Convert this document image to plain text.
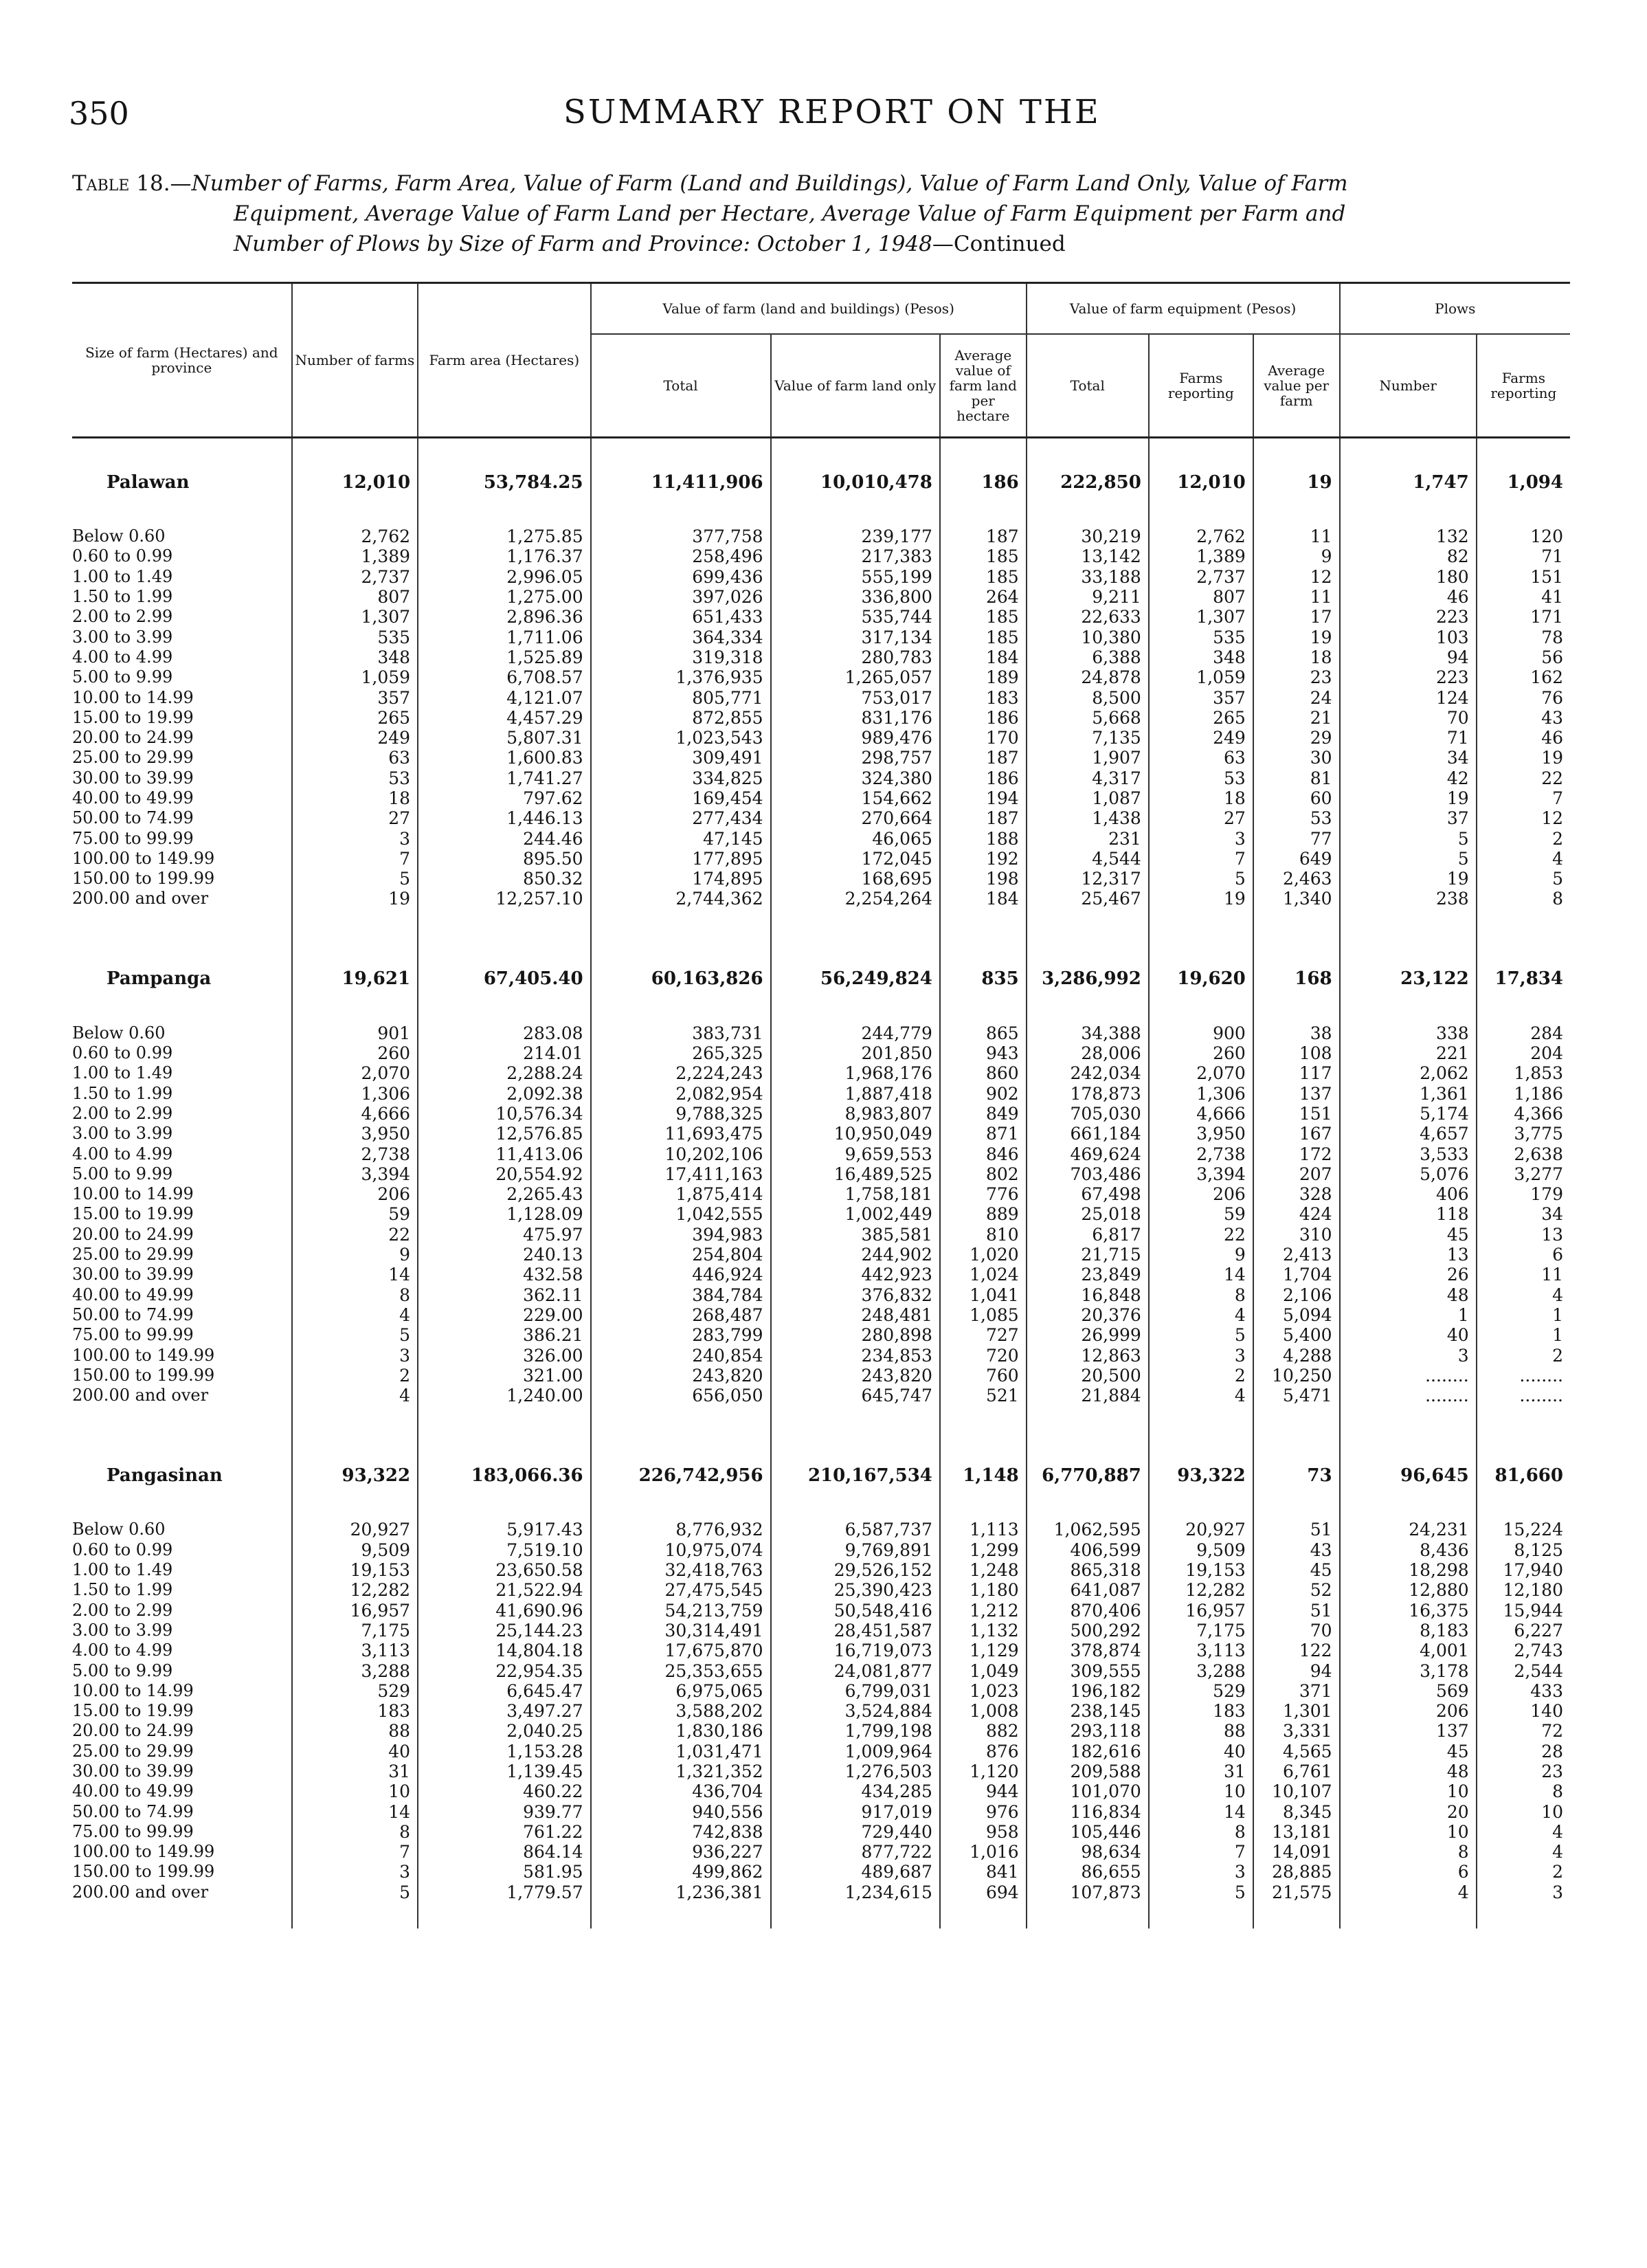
350	SUMMARY REPORT ON THE
Table 18.—Number of Farms, Farm Area, Value of Farm (Land and Buildings), Value of Farm Land Only, Value of Farm
Equipment, Average Value of Farm Land per Hectare, Average Value of Farm Equipment per Farm and
Number of Plows by Size of Farm and Province: October 1, 1948—Continued
Size of farm (Hectares) and province	Number of farms	Farm area (Hectares)	Value of farm (land and buildings) (Pesos)			Value of farm equipment (Pesos)			Plows	
			Total	Value of farm land only	Average value of farm land per hectare	Total	Farms reporting	Average value per farm	Number	Farms reporting

Palawan	12,010	53,784.25	11,411,906	10,010,478	186	222,850	12,010	19	1,747	1,094

Below 0.60	2,762	1,275.85	377,758	239,177	187	30,219	2,762	11	132	120
0.60 to 0.99	1,389	1,176.37	258,496	217,383	185	13,142	1,389	9	82	71
1.00 to 1.49	2,737	2,996.05	699,436	555,199	185	33,188	2,737	12	180	151
1.50 to 1.99	807	1,275.00	397,026	336,800	264	9,211	807	11	46	41
2.00 to 2.99	1,307	2,896.36	651,433	535,744	185	22,633	1,307	17	223	171
3.00 to 3.99	535	1,711.06	364,334	317,134	185	10,380	535	19	103	78
4.00 to 4.99	348	1,525.89	319,318	280,783	184	6,388	348	18	94	56
5.00 to 9.99	1,059	6,708.57	1,376,935	1,265,057	189	24,878	1,059	23	223	162
10.00 to 14.99	357	4,121.07	805,771	753,017	183	8,500	357	24	124	76
15.00 to 19.99	265	4,457.29	872,855	831,176	186	5,668	265	21	70	43
20.00 to 24.99	249	5,807.31	1,023,543	989,476	170	7,135	249	29	71	46
25.00 to 29.99	63	1,600.83	309,491	298,757	187	1,907	63	30	34	19
30.00 to 39.99	53	1,741.27	334,825	324,380	186	4,317	53	81	42	22
40.00 to 49.99	18	797.62	169,454	154,662	194	1,087	18	60	19	7
50.00 to 74.99	27	1,446.13	277,434	270,664	187	1,438	27	53	37	12
75.00 to 99.99	3	244.46	47,145	46,065	188	231	3	77	5	2
100.00 to 149.99	7	895.50	177,895	172,045	192	4,544	7	649	5	4
150.00 to 199.99	5	850.32	174,895	168,695	198	12,317	5	2,463	19	5
200.00 and over	19	12,257.10	2,744,362	2,254,264	184	25,467	19	1,340	238	8

Pampanga	19,621	67,405.40	60,163,826	56,249,824	835	3,286,992	19,620	168	23,122	17,834

Below 0.60	901	283.08	383,731	244,779	865	34,388	900	38	338	284
0.60 to 0.99	260	214.01	265,325	201,850	943	28,006	260	108	221	204
1.00 to 1.49	2,070	2,288.24	2,224,243	1,968,176	860	242,034	2,070	117	2,062	1,853
1.50 to 1.99	1,306	2,092.38	2,082,954	1,887,418	902	178,873	1,306	137	1,361	1,186
2.00 to 2.99	4,666	10,576.34	9,788,325	8,983,807	849	705,030	4,666	151	5,174	4,366
3.00 to 3.99	3,950	12,576.85	11,693,475	10,950,049	871	661,184	3,950	167	4,657	3,775
4.00 to 4.99	2,738	11,413.06	10,202,106	9,659,553	846	469,624	2,738	172	3,533	2,638
5.00 to 9.99	3,394	20,554.92	17,411,163	16,489,525	802	703,486	3,394	207	5,076	3,277
10.00 to 14.99	206	2,265.43	1,875,414	1,758,181	776	67,498	206	328	406	179
15.00 to 19.99	59	1,128.09	1,042,555	1,002,449	889	25,018	59	424	118	34
20.00 to 24.99	22	475.97	394,983	385,581	810	6,817	22	310	45	13
25.00 to 29.99	9	240.13	254,804	244,902	1,020	21,715	9	2,413	13	6
30.00 to 39.99	14	432.58	446,924	442,923	1,024	23,849	14	1,704	26	11
40.00 to 49.99	8	362.11	384,784	376,832	1,041	16,848	8	2,106	48	4
50.00 to 74.99	4	229.00	268,487	248,481	1,085	20,376	4	5,094	1	1
75.00 to 99.99	5	386.21	283,799	280,898	727	26,999	5	5,400	40	1
100.00 to 149.99	3	326.00	240,854	234,853	720	12,863	3	4,288	3	2
150.00 to 199.99	2	321.00	243,820	243,820	760	20,500	2	10,250	........	........
200.00 and over	4	1,240.00	656,050	645,747	521	21,884	4	5,471	........	........

Pangasinan	93,322	183,066.36	226,742,956	210,167,534	1,148	6,770,887	93,322	73	96,645	81,660

Below 0.60	20,927	5,917.43	8,776,932	6,587,737	1,113	1,062,595	20,927	51	24,231	15,224
0.60 to 0.99	9,509	7,519.10	10,975,074	9,769,891	1,299	406,599	9,509	43	8,436	8,125
1.00 to 1.49	19,153	23,650.58	32,418,763	29,526,152	1,248	865,318	19,153	45	18,298	17,940
1.50 to 1.99	12,282	21,522.94	27,475,545	25,390,423	1,180	641,087	12,282	52	12,880	12,180
2.00 to 2.99	16,957	41,690.96	54,213,759	50,548,416	1,212	870,406	16,957	51	16,375	15,944
3.00 to 3.99	7,175	25,144.23	30,314,491	28,451,587	1,132	500,292	7,175	70	8,183	6,227
4.00 to 4.99	3,113	14,804.18	17,675,870	16,719,073	1,129	378,874	3,113	122	4,001	2,743
5.00 to 9.99	3,288	22,954.35	25,353,655	24,081,877	1,049	309,555	3,288	94	3,178	2,544
10.00 to 14.99	529	6,645.47	6,975,065	6,799,031	1,023	196,182	529	371	569	433
15.00 to 19.99	183	3,497.27	3,588,202	3,524,884	1,008	238,145	183	1,301	206	140
20.00 to 24.99	88	2,040.25	1,830,186	1,799,198	882	293,118	88	3,331	137	72
25.00 to 29.99	40	1,153.28	1,031,471	1,009,964	876	182,616	40	4,565	45	28
30.00 to 39.99	31	1,139.45	1,321,352	1,276,503	1,120	209,588	31	6,761	48	23
40.00 to 49.99	10	460.22	436,704	434,285	944	101,070	10	10,107	10	8
50.00 to 74.99	14	939.77	940,556	917,019	976	116,834	14	8,345	20	10
75.00 to 99.99	8	761.22	742,838	729,440	958	105,446	8	13,181	10	4
100.00 to 149.99	7	864.14	936,227	877,722	1,016	98,634	7	14,091	8	4
150.00 to 199.99	3	581.95	499,862	489,687	841	86,655	3	28,885	6	2
200.00 and over	5	1,779.57	1,236,381	1,234,615	694	107,873	5	21,575	4	3
